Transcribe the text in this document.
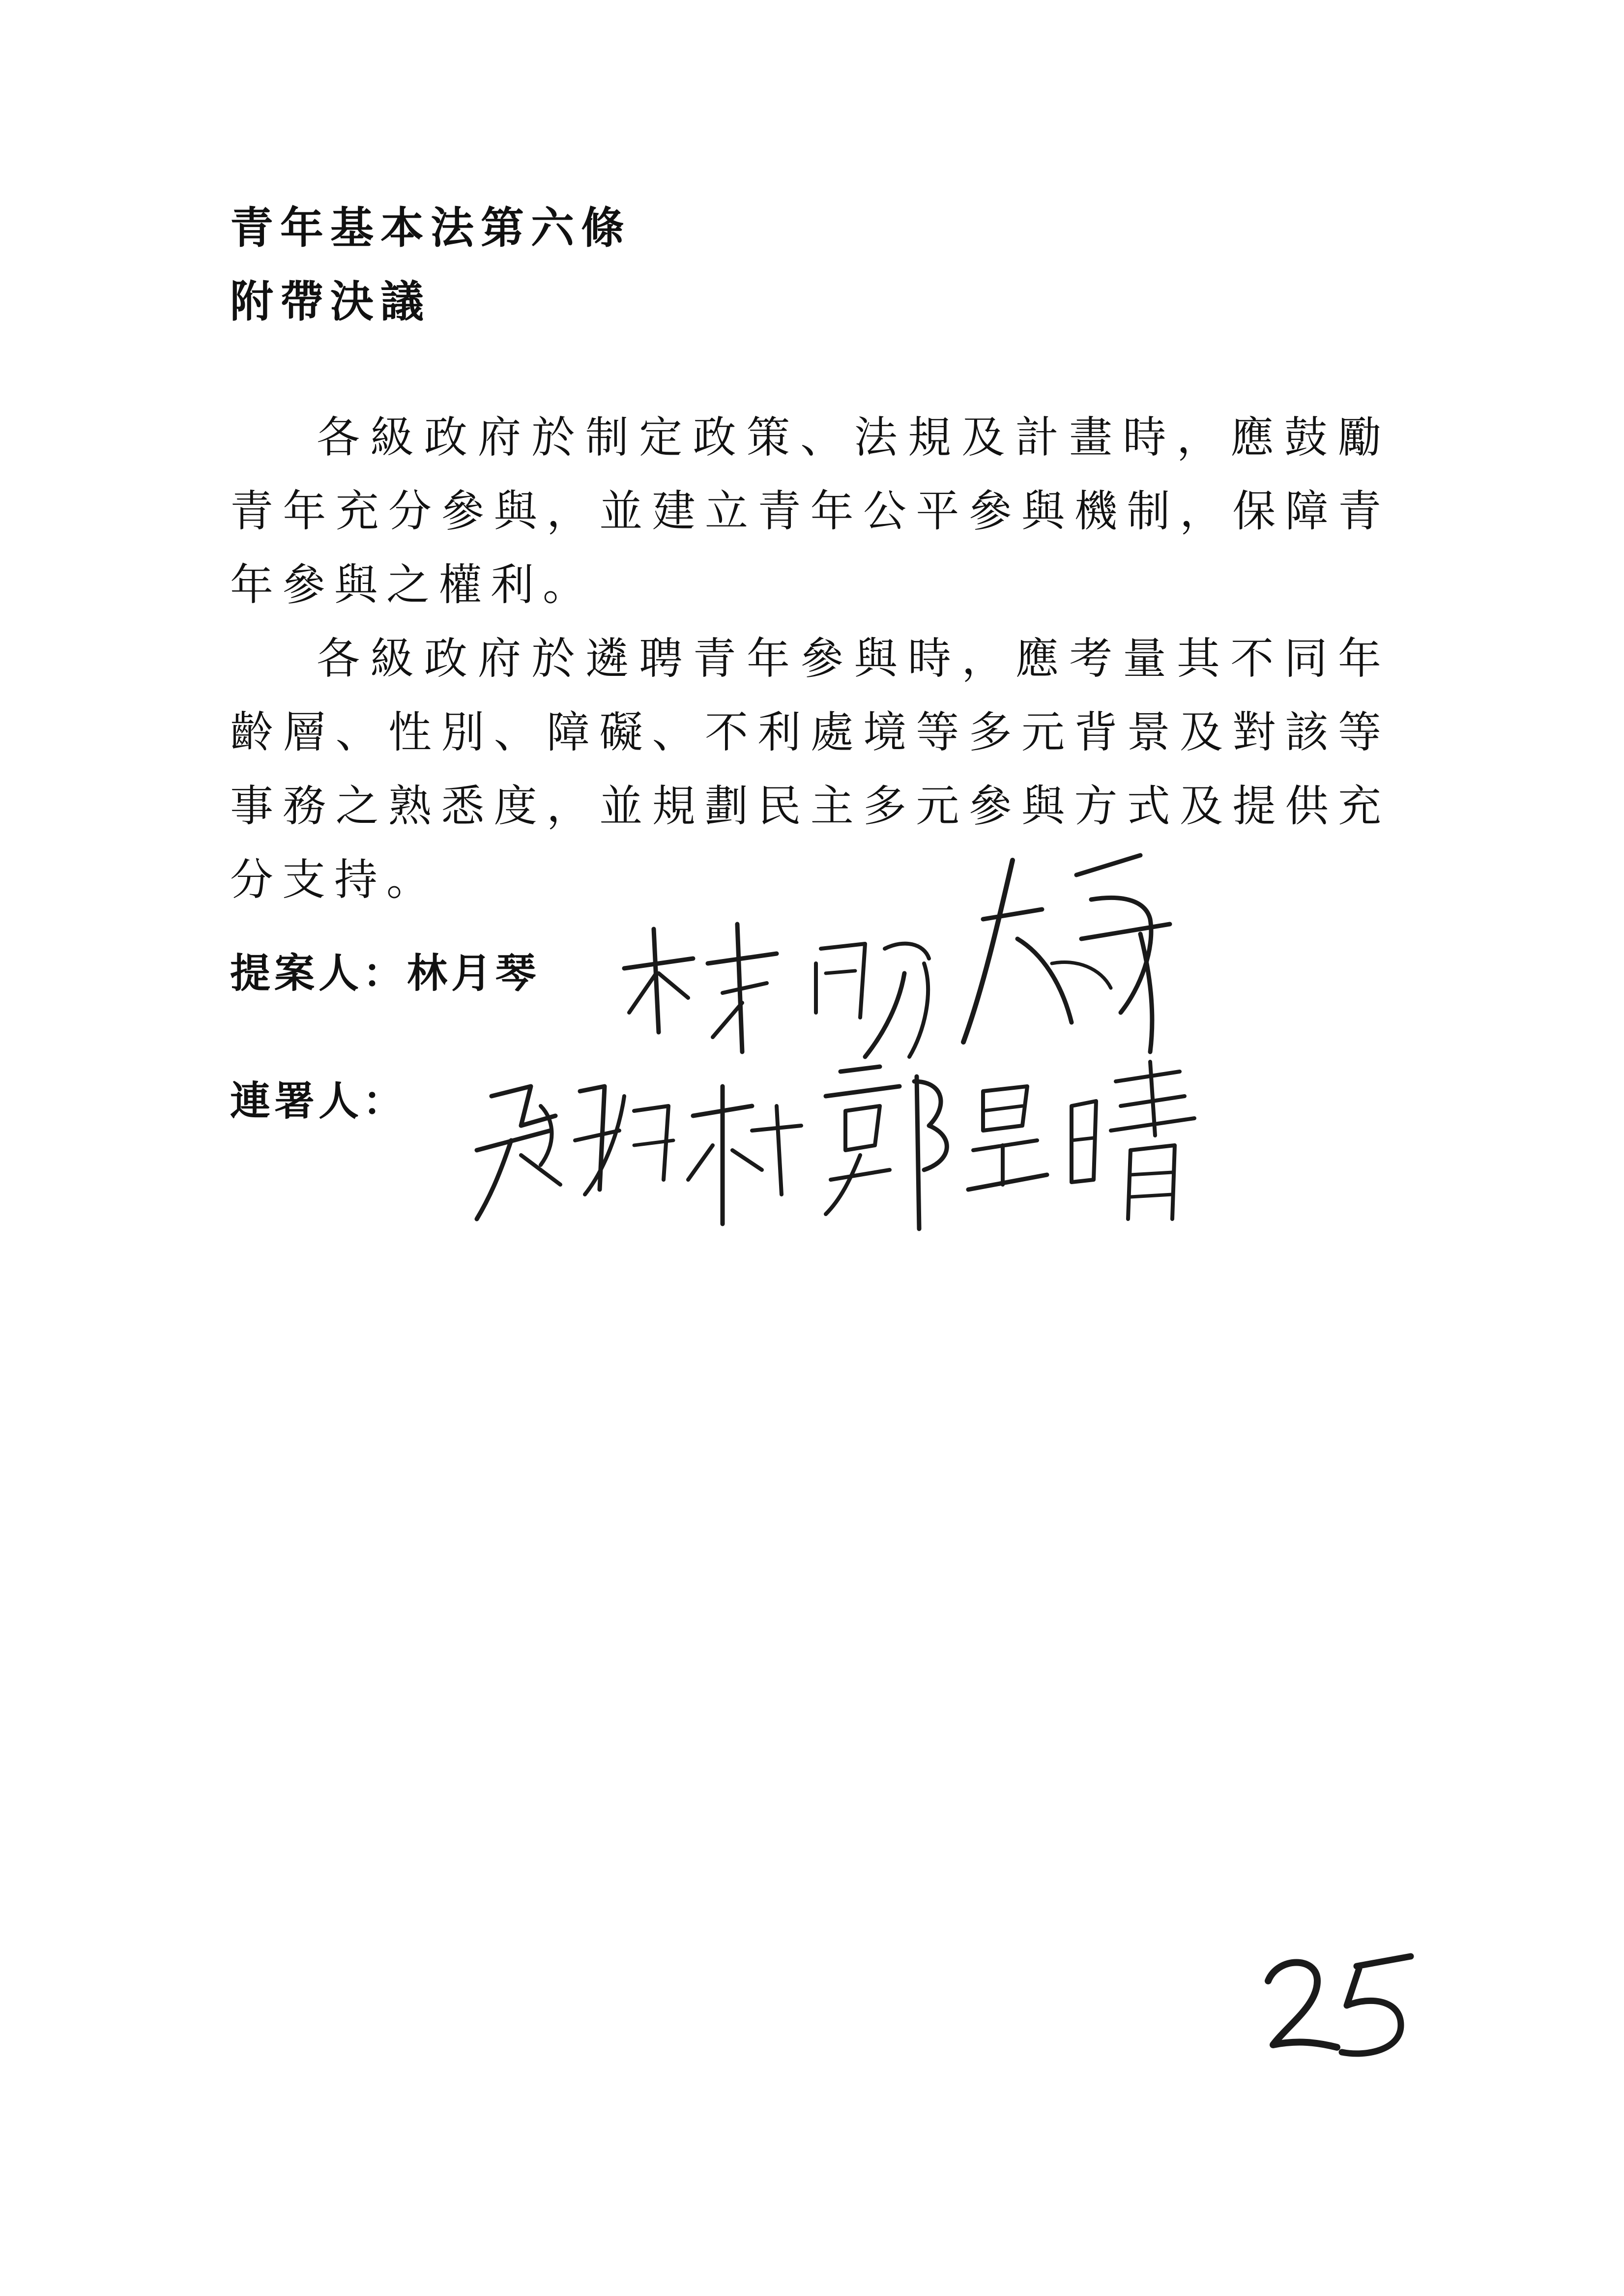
青年基本法第六條
附帶決議

各級政府於制定政策、法規及計畫時，應鼓勵青年充分參與，並建立青年公平參與機制，保障青年參與之權利。

各級政府於遴聘青年參與時，應考量其不同年齡層、性別、障礙、不利處境等多元背景及對該等事務之熟悉度，並規劃民主多元參與方式及提供充分支持。

提案人：林月琴
連署人：
